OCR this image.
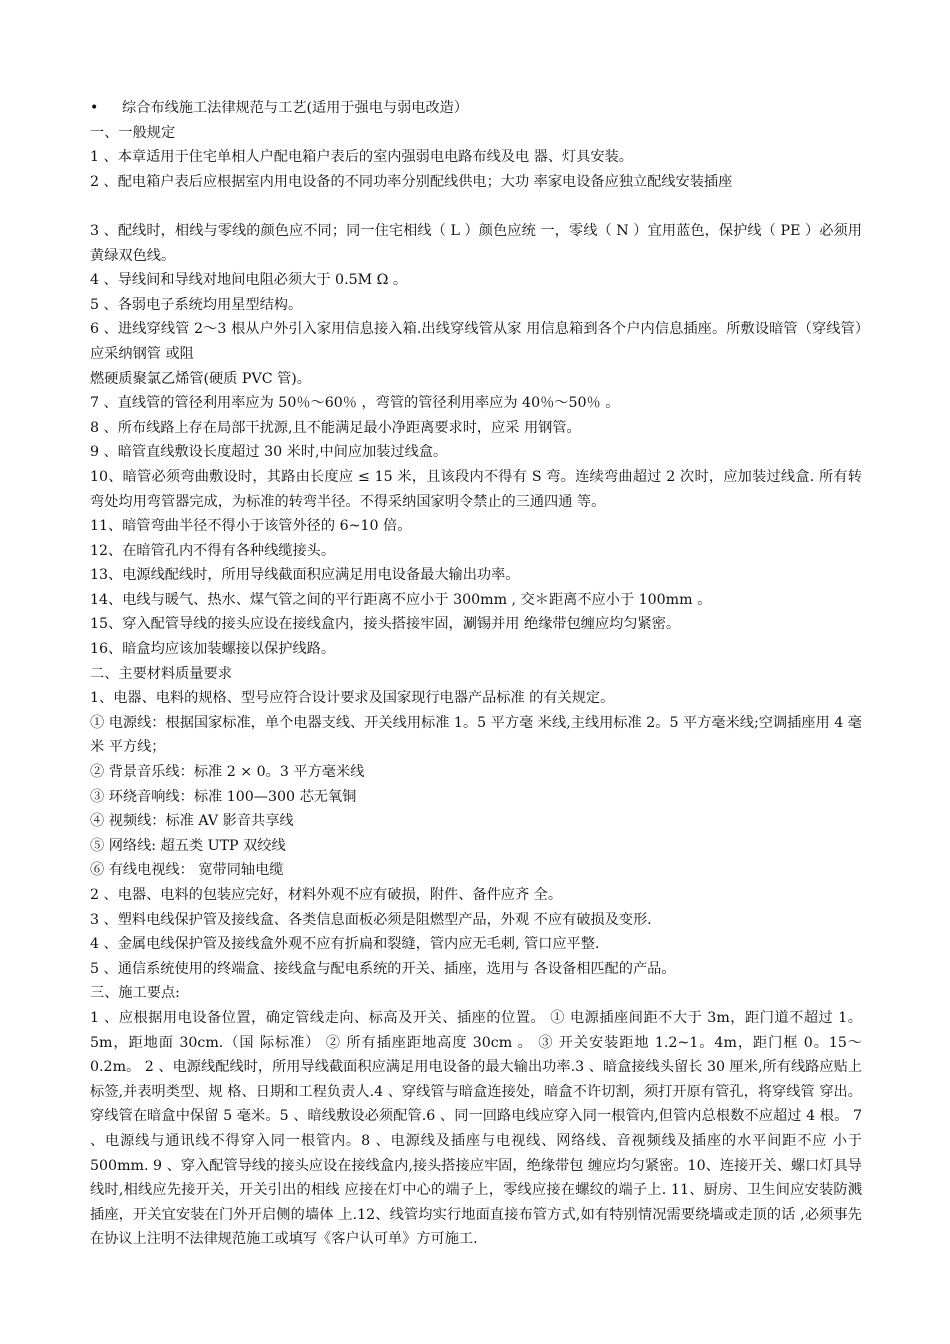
• 综合布线施工法律规范与工艺(适用于强电与弱电改造）
一、一般规定
1 、本章适用于住宅单相人户配电箱户表后的室内强弱电电路布线及电 器、灯具安装。
2 、配电箱户表后应根据室内用电设备的不同功率分别配线供电；大功 率家电设备应独立配线安装插座
3 、配线时，相线与零线的颜色应不同；同一住宅相线（ L ）颜色应统 一，零线（ N ）宜用蓝色，保护线（ PE ）必须用黄绿双色线。
4 、导线间和导线对地间电阻必须大于 0.5M Ω 。
5 、各弱电子系统均用星型结构。
6 、进线穿线管 2～3 根从户外引入家用信息接入箱.出线穿线管从家 用信息箱到各个户内信息插座。所敷设暗管（穿线管）应采纳钢管 或阻
燃硬质聚氯乙烯管(硬质 PVC 管)。
7 、直线管的管径利用率应为 50％～60％ ，弯管的管径利用率应为 40％～50％ 。
8 、所布线路上存在局部干扰源,且不能满足最小净距离要求时，应采 用钢管。
9 、暗管直线敷设长度超过 30 米时,中间应加装过线盒。
10、暗管必须弯曲敷设时，其路由长度应 ≤ 15 米，且该段内不得有 S 弯。连续弯曲超过 2 次时，应加装过线盒. 所有转弯处均用弯管器完成，为标准的转弯半径。不得采纳国家明令禁止的三通四通 等。
11、暗管弯曲半径不得小于该管外径的 6~10 倍。
12、在暗管孔内不得有各种线缆接头。
13、电源线配线时，所用导线截面积应满足用电设备最大输出功率。
14、电线与暖气、热水、煤气管之间的平行距离不应小于 300mm , 交＊距离不应小于 100mm 。
15、穿入配管导线的接头应设在接线盒内，接头搭接牢固，涮锡并用 绝缘带包缠应均匀紧密。
16、暗盒均应该加装螺接以保护线路。
二、主要材料质量要求
1、电器、电料的规格、型号应符合设计要求及国家现行电器产品标准 的有关规定。
① 电源线：根据国家标准，单个电器支线、开关线用标准 1。5 平方毫 米线,主线用标准 2。5 平方毫米线;空调插座用 4 毫米 平方线；
② 背景音乐线：标准 2 × 0。3 平方毫米线
③ 环绕音响线：标准 100—300 芯无氧铜
④ 视频线：标准 AV 影音共享线
⑤ 网络线: 超五类 UTP 双绞线
⑥ 有线电视线： 宽带同轴电缆
2 、电器、电料的包装应完好，材料外观不应有破损，附件、备件应齐 全。
3 、塑料电线保护管及接线盒、各类信息面板必须是阻燃型产品，外观 不应有破损及变形.
4 、金属电线保护管及接线盒外观不应有折扁和裂缝，管内应无毛刺, 管口应平整.
5 、通信系统使用的终端盒、接线盒与配电系统的开关、插座，选用与 各设备相匹配的产品。
三、施工要点:
1 、应根据用电设备位置，确定管线走向、标高及开关、插座的位置。 ① 电源插座间距不大于 3m，距门道不超过 1。5m，距地面 30cm.（国 际标准） ② 所有插座距地高度 30cm 。 ③ 开关安装距地 1.2~1。4m，距门框 0。15～ 0.2m。 2 、电源线配线时，所用导线截面积应满足用电设备的最大输出功率.3 、暗盒接线头留长 30 厘米,所有线路应贴上标签,并表明类型、规 格、日期和工程负责人.4 、穿线管与暗盒连接处，暗盒不许切割，须打开原有管孔，将穿线管 穿出。穿线管在暗盒中保留 5 毫米。5 、暗线敷设必须配管.6 、同一回路电线应穿入同一根管内,但管内总根数不应超过 4 根。 7 、电源线与通讯线不得穿入同一根管内。8 、电源线及插座与电视线、网络线、音视频线及插座的水平间距不应 小于 500mm. 9 、穿入配管导线的接头应设在接线盒内,接头搭接应牢固，绝缘带包 缠应均匀紧密。10、连接开关、螺口灯具导线时,相线应先接开关，开关引出的相线 应接在灯中心的端子上，零线应接在螺纹的端子上. 11、厨房、卫生间应安装防溅插座，开关宜安装在门外开启侧的墙体 上.12、线管均实行地面直接布管方式,如有特别情况需要绕墙或走顶的话 ,必须事先在协议上注明不法律规范施工或填写《客户认可单》方可施工.
